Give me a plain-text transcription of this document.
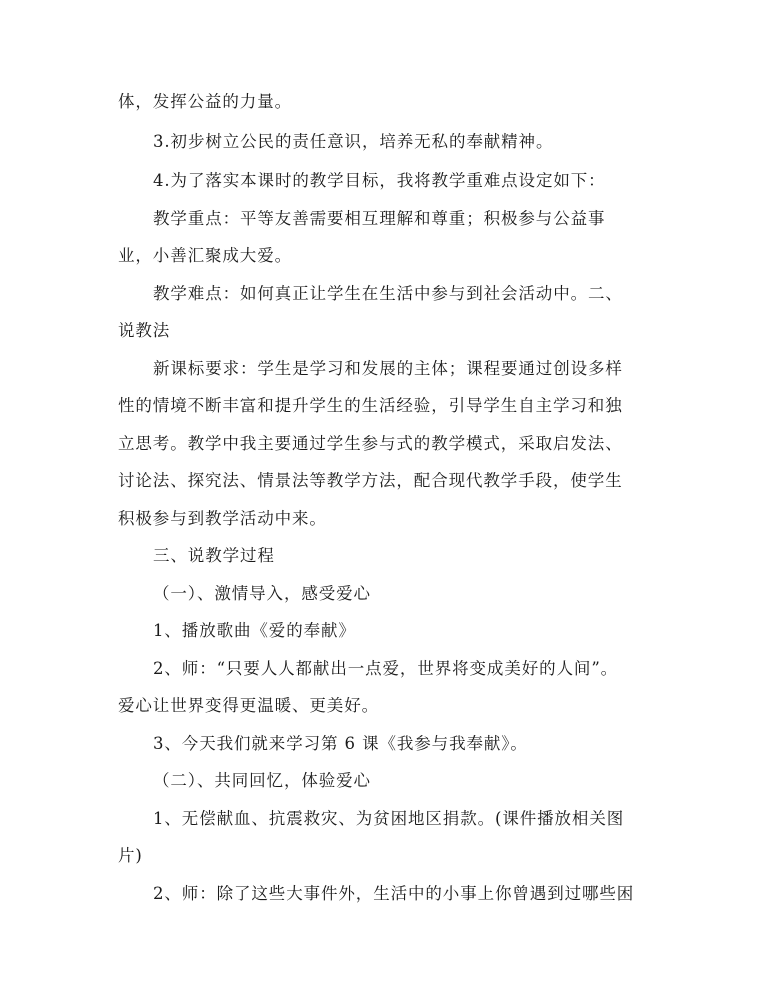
体，发挥公益的力量。
3.初步树立公民的责任意识，培养无私的奉献精神。
4.为了落实本课时的教学目标，我将教学重难点设定如下：
教学重点：平等友善需要相互理解和尊重；积极参与公益事
业，小善汇聚成大爱。
教学难点：如何真正让学生在生活中参与到社会活动中。二、
说教法
新课标要求：学生是学习和发展的主体；课程要通过创设多样
性的情境不断丰富和提升学生的生活经验，引导学生自主学习和独
立思考。教学中我主要通过学生参与式的教学模式，采取启发法、
讨论法、探究法、情景法等教学方法，配合现代教学手段，使学生
积极参与到教学活动中来。
三、说教学过程
（一）、激情导入，感受爱心
1、播放歌曲《爱的奉献》
2、师：“只要人人都献出一点爱，世界将变成美好的人间”。
爱心让世界变得更温暖、更美好。
3、今天我们就来学习第 6 课《我参与我奉献》。
（二）、共同回忆，体验爱心
1、无偿献血、抗震救灾、为贫困地区捐款。(课件播放相关图
片)
2、师：除了这些大事件外，生活中的小事上你曾遇到过哪些困
